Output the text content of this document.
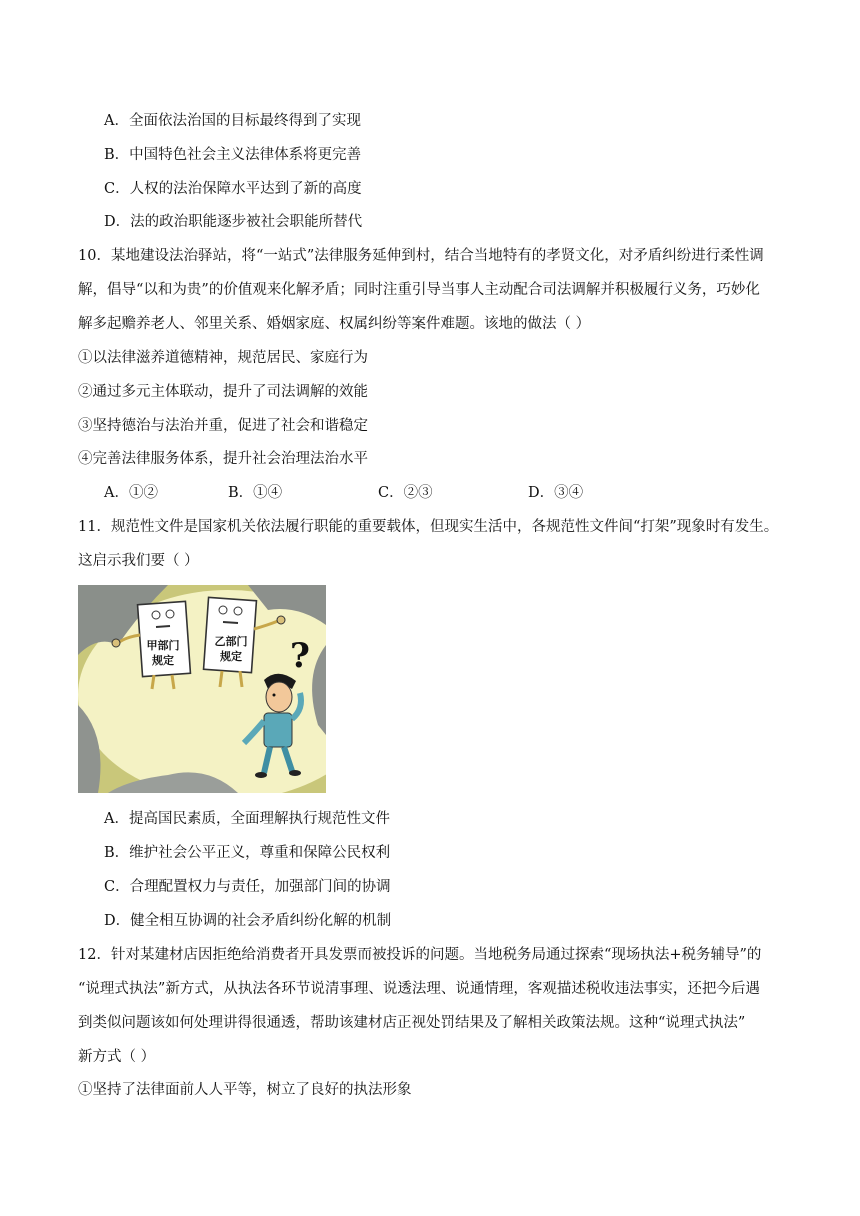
A．全面依法治国的目标最终得到了实现
B．中国特色社会主义法律体系将更完善
C．人权的法治保障水平达到了新的高度
D．法的政治职能逐步被社会职能所替代
10．某地建设法治驿站，将“一站式”法律服务延伸到村，结合当地特有的孝贤文化，对矛盾纠纷进行柔性调
解，倡导“以和为贵”的价值观来化解矛盾；同时注重引导当事人主动配合司法调解并积极履行义务，巧妙化
解多起赡养老人、邻里关系、婚姻家庭、权属纠纷等案件难题。该地的做法（ ）
①以法律滋养道德精神，规范居民、家庭行为
②通过多元主体联动，提升了司法调解的效能
③坚持德治与法治并重，促进了社会和谐稳定
④完善法律服务体系，提升社会治理法治水平
A．①②	B．①④	C．②③	D．③④
11．规范性文件是国家机关依法履行职能的重要载体，但现实生活中，各规范性文件间“打架”现象时有发生。
这启示我们要（ ）
甲部门
规定
乙部门
规定 ?
A．提高国民素质，全面理解执行规范性文件
B．维护社会公平正义，尊重和保障公民权利
C．合理配置权力与责任，加强部门间的协调
D．健全相互协调的社会矛盾纠纷化解的机制
12．针对某建材店因拒绝给消费者开具发票而被投诉的问题。当地税务局通过探索“现场执法+税务辅导”的
“说理式执法”新方式，从执法各环节说清事理、说透法理、说通情理，客观描述税收违法事实，还把今后遇
到类似问题该如何处理讲得很通透，帮助该建材店正视处罚结果及了解相关政策法规。这种“说理式执法”
新方式（ ）
①坚持了法律面前人人平等，树立了良好的执法形象
